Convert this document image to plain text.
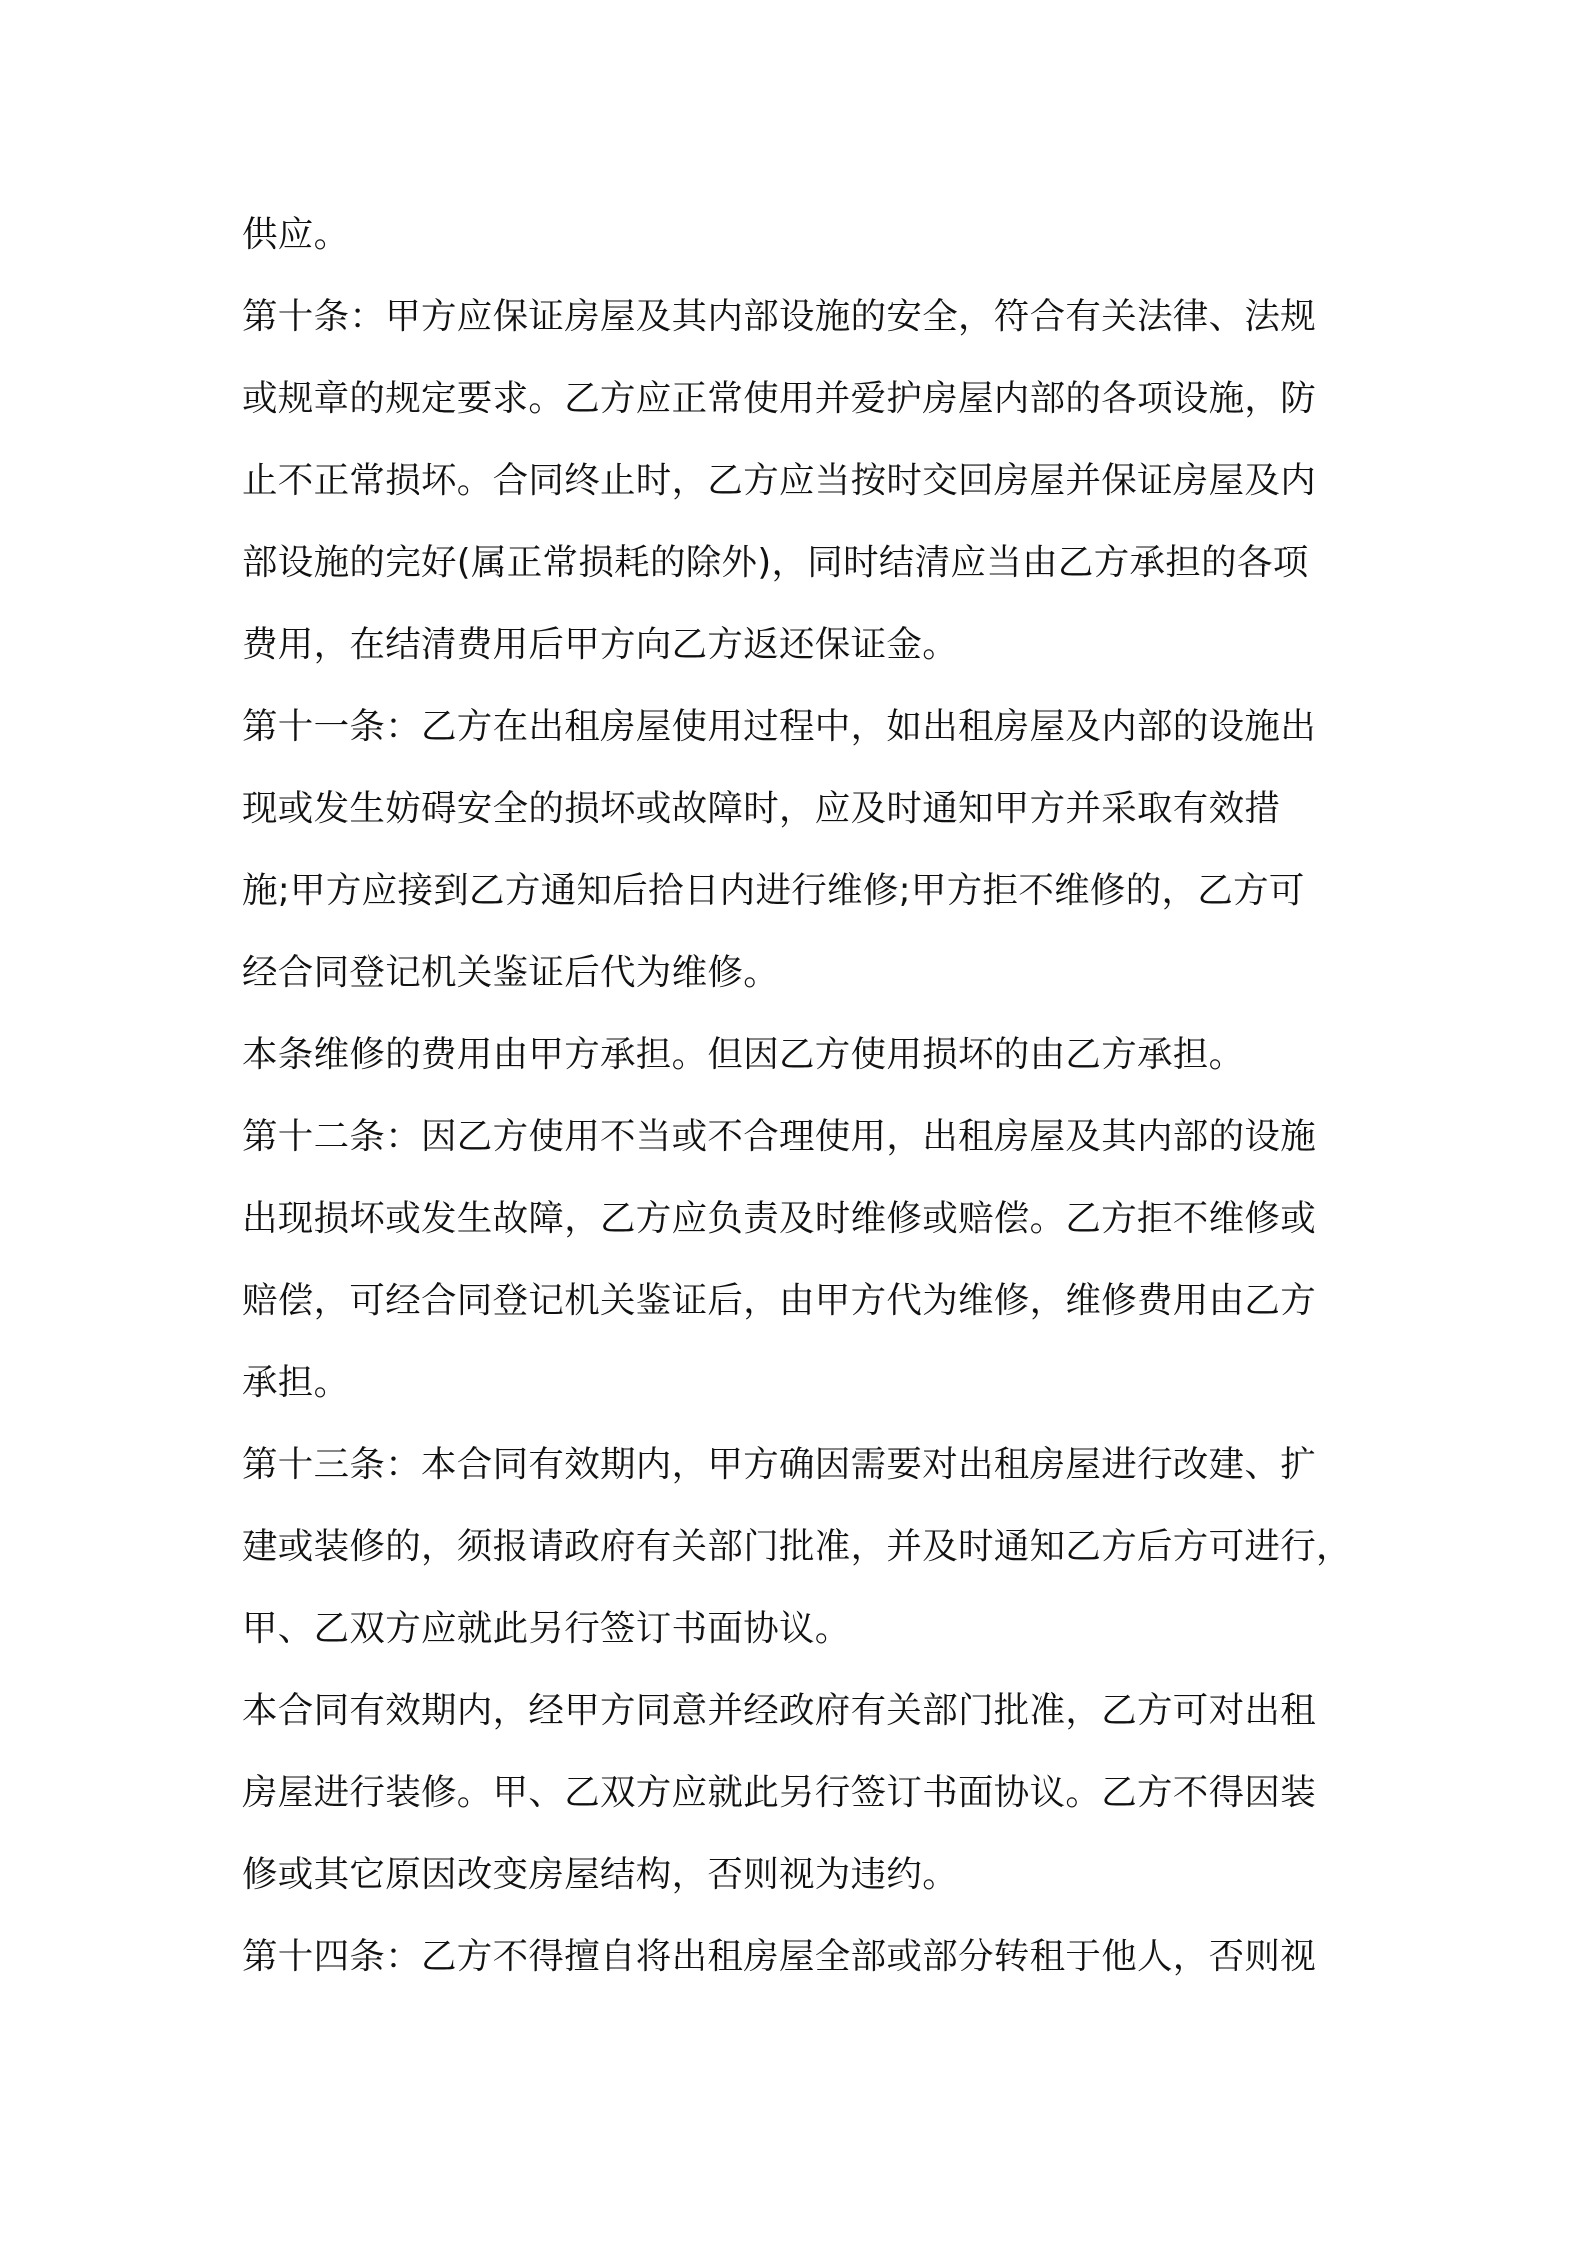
供应。
第十条：甲方应保证房屋及其内部设施的安全，符合有关法律、法规
或规章的规定要求。乙方应正常使用并爱护房屋内部的各项设施，防
止不正常损坏。合同终止时，乙方应当按时交回房屋并保证房屋及内
部设施的完好(属正常损耗的除外)，同时结清应当由乙方承担的各项
费用，在结清费用后甲方向乙方返还保证金。
第十一条：乙方在出租房屋使用过程中，如出租房屋及内部的设施出
现或发生妨碍安全的损坏或故障时，应及时通知甲方并采取有效措
施;甲方应接到乙方通知后拾日内进行维修;甲方拒不维修的，乙方可
经合同登记机关鉴证后代为维修。
本条维修的费用由甲方承担。但因乙方使用损坏的由乙方承担。
第十二条：因乙方使用不当或不合理使用，出租房屋及其内部的设施
出现损坏或发生故障，乙方应负责及时维修或赔偿。乙方拒不维修或
赔偿，可经合同登记机关鉴证后，由甲方代为维修，维修费用由乙方
承担。
第十三条：本合同有效期内，甲方确因需要对出租房屋进行改建、扩
建或装修的，须报请政府有关部门批准，并及时通知乙方后方可进行，
甲、乙双方应就此另行签订书面协议。
本合同有效期内，经甲方同意并经政府有关部门批准，乙方可对出租
房屋进行装修。甲、乙双方应就此另行签订书面协议。乙方不得因装
修或其它原因改变房屋结构，否则视为违约。
第十四条：乙方不得擅自将出租房屋全部或部分转租于他人，否则视
